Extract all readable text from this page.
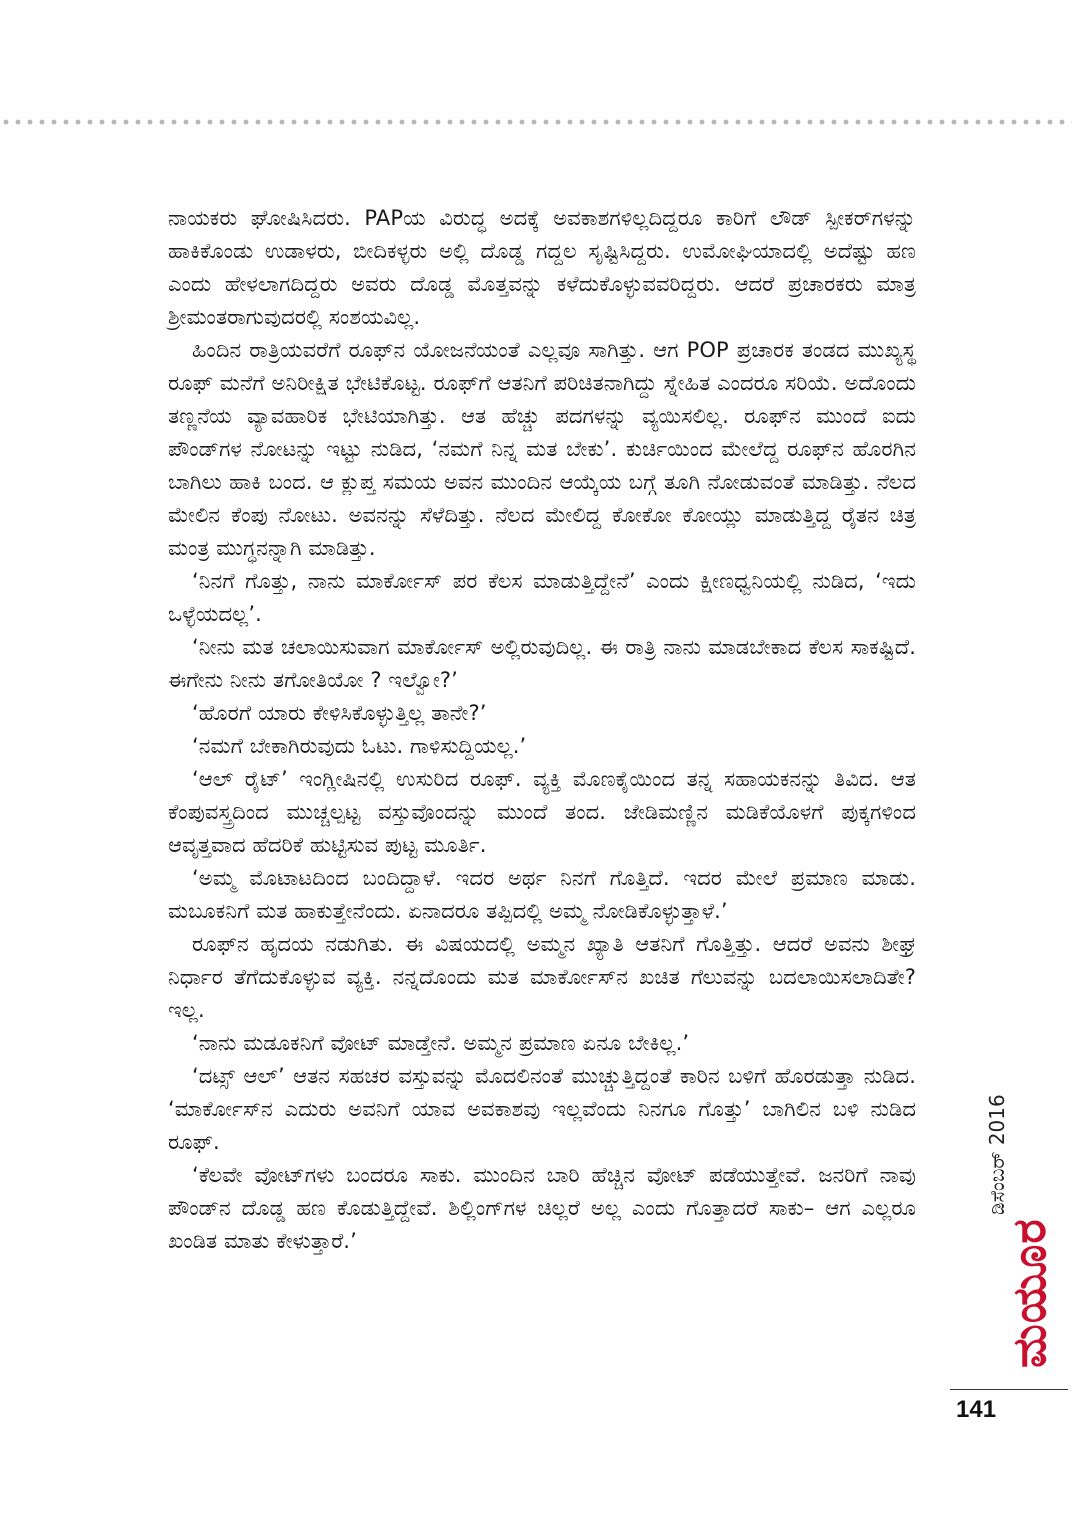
ನಾಯಕರು ಘೋಷಿಸಿದರು. PAPಯ ವಿರುದ್ಧ ಅದಕ್ಕೆ ಅವಕಾಶಗಳಿಲ್ಲದಿದ್ದರೂ ಕಾರಿಗೆ ಲೌಡ್ ಸ್ಪೀಕರ್‌ಗಳನ್ನು ಹಾಕಿಕೊಂಡು ಉಡಾಳರು, ಬೀದಿಕಳ್ಳರು ಅಲ್ಲಿ ದೊಡ್ಡ ಗದ್ದಲ ಸೃಷ್ಟಿಸಿದ್ದರು. ಉಮೋಘಿಯಾದಲ್ಲಿ ಅದೆಷ್ಟು ಹಣ ಎಂದು ಹೇಳಲಾಗದಿದ್ದರು ಅವರು ದೊಡ್ಡ ಮೊತ್ತವನ್ನು ಕಳೆದುಕೊಳ್ಳುವವರಿದ್ದರು. ಆದರೆ ಪ್ರಚಾರಕರು ಮಾತ್ರ ಶ್ರೀಮಂತರಾಗುವುದರಲ್ಲಿ ಸಂಶಯವಿಲ್ಲ.

ಹಿಂದಿನ ರಾತ್ರಿಯವರೆಗೆ ರೂಫ್‌ನ ಯೋಜನೆಯಂತೆ ಎಲ್ಲವೂ ಸಾಗಿತ್ತು. ಆಗ POP ಪ್ರಚಾರಕ ತಂಡದ ಮುಖ್ಯಸ್ಥ ರೂಫ್ ಮನೆಗೆ ಅನಿರೀಕ್ಷಿತ ಭೇಟಿಕೊಟ್ಟ. ರೂಫ್‌ಗೆ ಆತನಿಗೆ ಪರಿಚಿತನಾಗಿದ್ದು ಸ್ನೇಹಿತ ಎಂದರೂ ಸರಿಯೆ. ಅದೊಂದು ತಣ್ಣನೆಯ ವ್ಯಾವಹಾರಿಕ ಭೇಟಿಯಾಗಿತ್ತು. ಆತ ಹೆಚ್ಚು ಪದಗಳನ್ನು ವ್ಯಯಿಸಲಿಲ್ಲ. ರೂಫ್‌ನ ಮುಂದೆ ಐದು ಪೌಂಡ್‌ಗಳ ನೋಟನ್ನು ಇಟ್ಟು ನುಡಿದ, ‘ನಮಗೆ ನಿನ್ನ ಮತ ಬೇಕು’. ಕುರ್ಚಿಯಿಂದ ಮೇಲೆದ್ದ ರೂಫ್‌ನ ಹೊರಗಿನ ಬಾಗಿಲು ಹಾಕಿ ಬಂದ. ಆ ಕ್ಲುಪ್ತ ಸಮಯ ಅವನ ಮುಂದಿನ ಆಯ್ಕೆಯ ಬಗ್ಗೆ ತೂಗಿ ನೋಡುವಂತೆ ಮಾಡಿತ್ತು. ನೆಲದ ಮೇಲಿನ ಕೆಂಪು ನೋಟು. ಅವನನ್ನು ಸೆಳೆದಿತ್ತು. ನೆಲದ ಮೇಲಿದ್ದ ಕೋಕೋ ಕೋಯ್ಲು ಮಾಡುತ್ತಿದ್ದ ರೈತನ ಚಿತ್ರ ಮಂತ್ರ ಮುಗ್ಧನನ್ನಾಗಿ ಮಾಡಿತ್ತು.

‘ನಿನಗೆ ಗೊತ್ತು, ನಾನು ಮಾರ್ಕೋಸ್ ಪರ ಕೆಲಸ ಮಾಡುತ್ತಿದ್ದೇನೆ’ ಎಂದು ಕ್ಷೀಣಧ್ವನಿಯಲ್ಲಿ ನುಡಿದ, ‘ಇದು ಒಳ್ಳೆಯದಲ್ಲ’.

‘ನೀನು ಮತ ಚಲಾಯಿಸುವಾಗ ಮಾರ್ಕೋಸ್ ಅಲ್ಲಿರುವುದಿಲ್ಲ. ಈ ರಾತ್ರಿ ನಾನು ಮಾಡಬೇಕಾದ ಕೆಲಸ ಸಾಕಷ್ಟಿದೆ. ಈಗೇನು ನೀನು ತಗೋತಿಯೋ ? ಇಲ್ವೋ?’

‘ಹೊರಗೆ ಯಾರು ಕೇಳಿಸಿಕೊಳ್ಳುತ್ತಿಲ್ಲ ತಾನೇ?’

‘ನಮಗೆ ಬೇಕಾಗಿರುವುದು ಓಟು. ಗಾಳಿಸುದ್ದಿಯಲ್ಲ.’

‘ಆಲ್ ರೈಟ್’ ಇಂಗ್ಲೀಷಿನಲ್ಲಿ ಉಸುರಿದ ರೂಫ್. ವ್ಯಕ್ತಿ ಮೊಣಕೈಯಿಂದ ತನ್ನ ಸಹಾಯಕನನ್ನು ತಿವಿದ. ಆತ ಕೆಂಪುವಸ್ತ್ರದಿಂದ ಮುಚ್ಚಲ್ಪಟ್ಟ ವಸ್ತುವೊಂದನ್ನು ಮುಂದೆ ತಂದ. ಜೇಡಿಮಣ್ಣಿನ ಮಡಿಕೆಯೊಳಗೆ ಪುಕ್ಕಗಳಿಂದ ಆವೃತ್ತವಾದ ಹೆದರಿಕೆ ಹುಟ್ಟಿಸುವ ಪುಟ್ಟ ಮೂರ್ತಿ.

‘ಅಮ್ಮ ಮೊಟಾಟದಿಂದ ಬಂದಿದ್ದಾಳೆ. ಇದರ ಅರ್ಥ ನಿನಗೆ ಗೊತ್ತಿದೆ. ಇದರ ಮೇಲೆ ಪ್ರಮಾಣ ಮಾಡು. ಮಬೂಕನಿಗೆ ಮತ ಹಾಕುತ್ತೇನೆಂದು. ಏನಾದರೂ ತಪ್ಪಿದಲ್ಲಿ ಅಮ್ಮ ನೋಡಿಕೊಳ್ಳುತ್ತಾಳೆ.’

ರೂಫ್‌ನ ಹೃದಯ ನಡುಗಿತು. ಈ ವಿಷಯದಲ್ಲಿ ಅಮ್ಮನ ಖ್ಯಾತಿ ಆತನಿಗೆ ಗೊತ್ತಿತ್ತು. ಆದರೆ ಅವನು ಶೀಘ್ರ ನಿರ್ಧಾರ ತೆಗೆದುಕೊಳ್ಳುವ ವ್ಯಕ್ತಿ. ನನ್ನದೊಂದು ಮತ ಮಾರ್ಕೋಸ್‌ನ ಖಚಿತ ಗೆಲುವನ್ನು ಬದಲಾಯಿಸಲಾದಿತೇ? ಇಲ್ಲ.

‘ನಾನು ಮಡೂಕನಿಗೆ ವೋಟ್ ಮಾಡ್ತೇನೆ. ಅಮ್ಮನ ಪ್ರಮಾಣ ಏನೂ ಬೇಕಿಲ್ಲ.’

‘ದಟ್ಸ್ ಆಲ್’ ಆತನ ಸಹಚರ ವಸ್ತುವನ್ನು ಮೊದಲಿನಂತೆ ಮುಚ್ಚುತ್ತಿದ್ದಂತೆ ಕಾರಿನ ಬಳಿಗೆ ಹೊರಡುತ್ತಾ ನುಡಿದ. ‘ಮಾರ್ಕೋಸ್‌ನ ಎದುರು ಅವನಿಗೆ ಯಾವ ಅವಕಾಶವು ಇಲ್ಲವೆಂದು ನಿನಗೂ ಗೊತ್ತು’ ಬಾಗಿಲಿನ ಬಳಿ ನುಡಿದ ರೂಫ್.

‘ಕೆಲವೇ ವೋಟ್‌ಗಳು ಬಂದರೂ ಸಾಕು. ಮುಂದಿನ ಬಾರಿ ಹೆಚ್ಚಿನ ವೋಟ್ ಪಡೆಯುತ್ತೇವೆ. ಜನರಿಗೆ ನಾವು ಪೌಂಡ್‌ನ ದೊಡ್ಡ ಹಣ ಕೊಡುತ್ತಿದ್ದೇವೆ. ಶಿಲ್ಲಿಂಗ್‌ಗಳ ಚಿಲ್ಲರೆ ಅಲ್ಲ ಎಂದು ಗೊತ್ತಾದರೆ ಸಾಕು– ಆಗ ಎಲ್ಲರೂ ಖಂಡಿತ ಮಾತು ಕೇಳುತ್ತಾರೆ.’

ಡಿಸೆಂಬರ್ 2016
ಮಯೂರ
141
